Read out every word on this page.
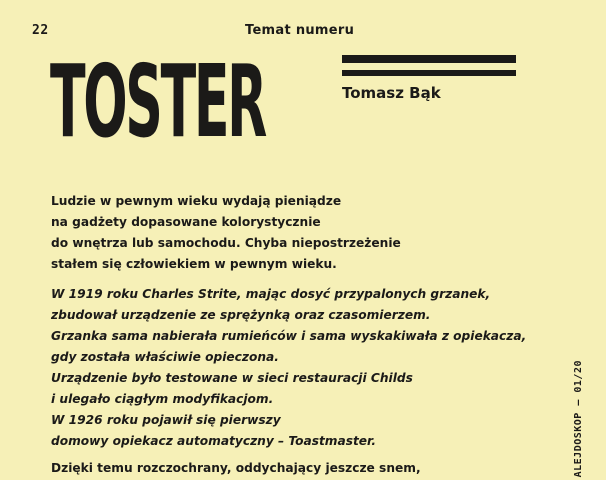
22	Temat numeru
TOSTER	Tomasz Bąk
Ludzie w pewnym wieku wydają pieniądze
na gadżety dopasowane kolorystycznie
do wnętrza lub samochodu. Chyba niepostrzeżenie
stałem się człowiekiem w pewnym wieku.
W 1919 roku Charles Strite, mając dosyć przypalonych grzanek,
zbudował urządzenie ze sprężynką oraz czasomierzem.
Grzanka sama nabierała rumieńców i sama wyskakiwała z opiekacza,
gdy została właściwie opieczona.
Urządzenie było testowane w sieci restauracji Childs
i ulegało ciągłym modyfikacjom.
W 1926 roku pojawił się pierwszy
domowy opiekacz automatyczny – Toastmaster.
Dzięki temu rozczochrany, oddychający jeszcze snem,	ALEJDOSKOP — 01/20
